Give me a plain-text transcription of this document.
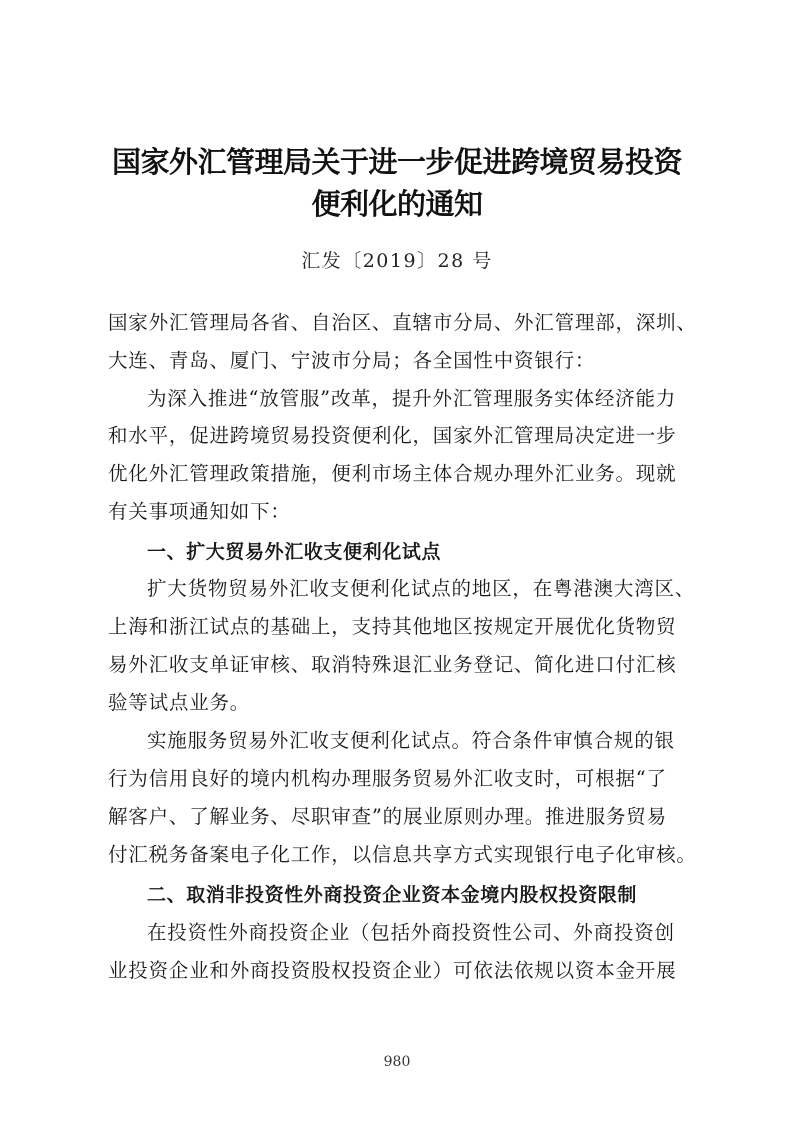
国家外汇管理局关于进一步促进跨境贸易投资
便利化的通知
汇发〔2019〕28 号
国家外汇管理局各省、自治区、直辖市分局、外汇管理部，深圳、
大连、青岛、厦门、宁波市分局；各全国性中资银行：
为深入推进“放管服”改革，提升外汇管理服务实体经济能力
和水平，促进跨境贸易投资便利化，国家外汇管理局决定进一步
优化外汇管理政策措施，便利市场主体合规办理外汇业务。现就
有关事项通知如下：
一、扩大贸易外汇收支便利化试点
扩大货物贸易外汇收支便利化试点的地区，在粤港澳大湾区、
上海和浙江试点的基础上，支持其他地区按规定开展优化货物贸
易外汇收支单证审核、取消特殊退汇业务登记、简化进口付汇核
验等试点业务。
实施服务贸易外汇收支便利化试点。符合条件审慎合规的银
行为信用良好的境内机构办理服务贸易外汇收支时，可根据“了
解客户、了解业务、尽职审查”的展业原则办理。推进服务贸易
付汇税务备案电子化工作，以信息共享方式实现银行电子化审核。
二、取消非投资性外商投资企业资本金境内股权投资限制
在投资性外商投资企业（包括外商投资性公司、外商投资创
业投资企业和外商投资股权投资企业）可依法依规以资本金开展
980
